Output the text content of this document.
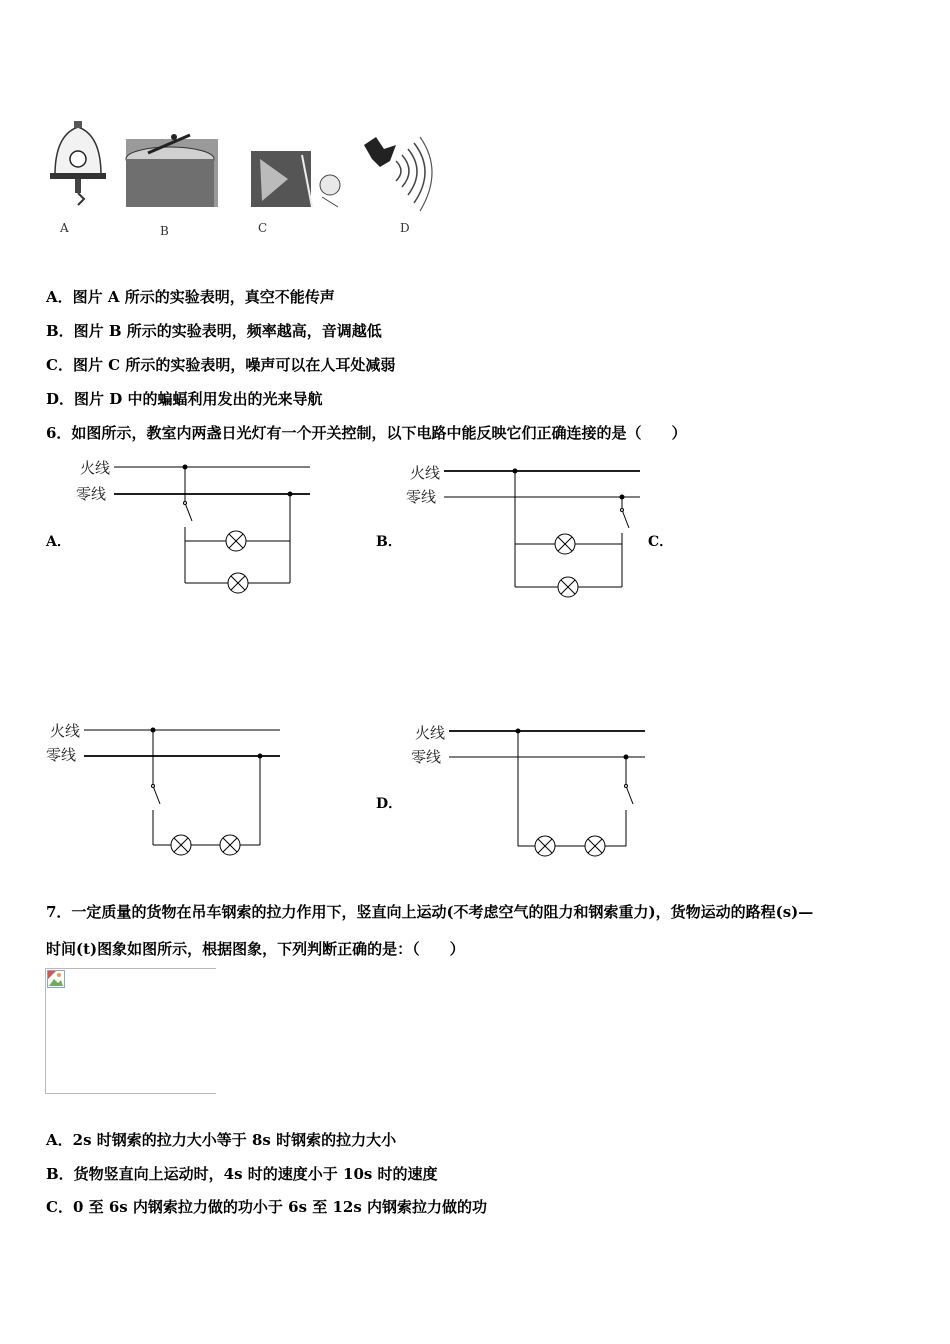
A	B	C	D
A．图片 A 所示的实验表明，真空不能传声
B．图片 B 所示的实验表明，频率越高，音调越低
C．图片 C 所示的实验表明，噪声可以在人耳处减弱
D．图片 D 中的蝙蝠利用发出的光来导航
6．如图所示，教室内两盏日光灯有一个开关控制，以下电路中能反映它们正确连接的是（　　）
A．	B．	C．
D．
火线
零线
火线
零线
火线
零线
火线
零线
7．一定质量的货物在吊车钢索的拉力作用下，竖直向上运动(不考虑空气的阻力和钢索重力)，货物运动的路程(s)—
时间(t)图象如图所示，根据图象，下列判断正确的是：（　　）
A．2s 时钢索的拉力大小等于 8s 时钢索的拉力大小
B．货物竖直向上运动时，4s 时的速度小于 10s 时的速度
C．0 至 6s 内钢索拉力做的功小于 6s 至 12s 内钢索拉力做的功
